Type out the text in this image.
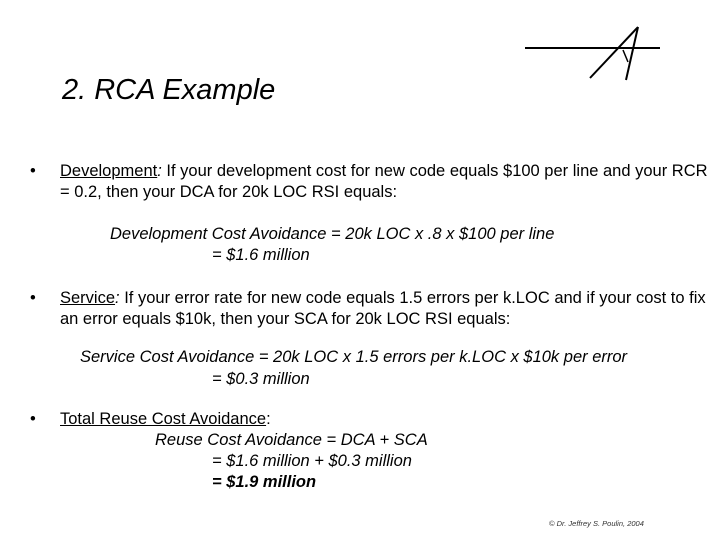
2. RCA Example
•	Development: If your development cost for new code equals $100 per line and your RCR = 0.2, then your DCA for 20k LOC RSI equals:
Development Cost Avoidance = 20k LOC x .8 x $100 per line
= $1.6 million
•	Service: If your error rate for new code equals 1.5 errors per k.LOC and if your cost to fix an error equals $10k, then your SCA for 20k LOC RSI equals:
Service Cost Avoidance = 20k LOC x 1.5 errors per k.LOC x $10k per error
= $0.3 million
•	Total Reuse Cost Avoidance:
Reuse Cost Avoidance = DCA + SCA
= $1.6 million + $0.3 million
= $1.9 million
© Dr. Jeffrey S. Poulin, 2004
